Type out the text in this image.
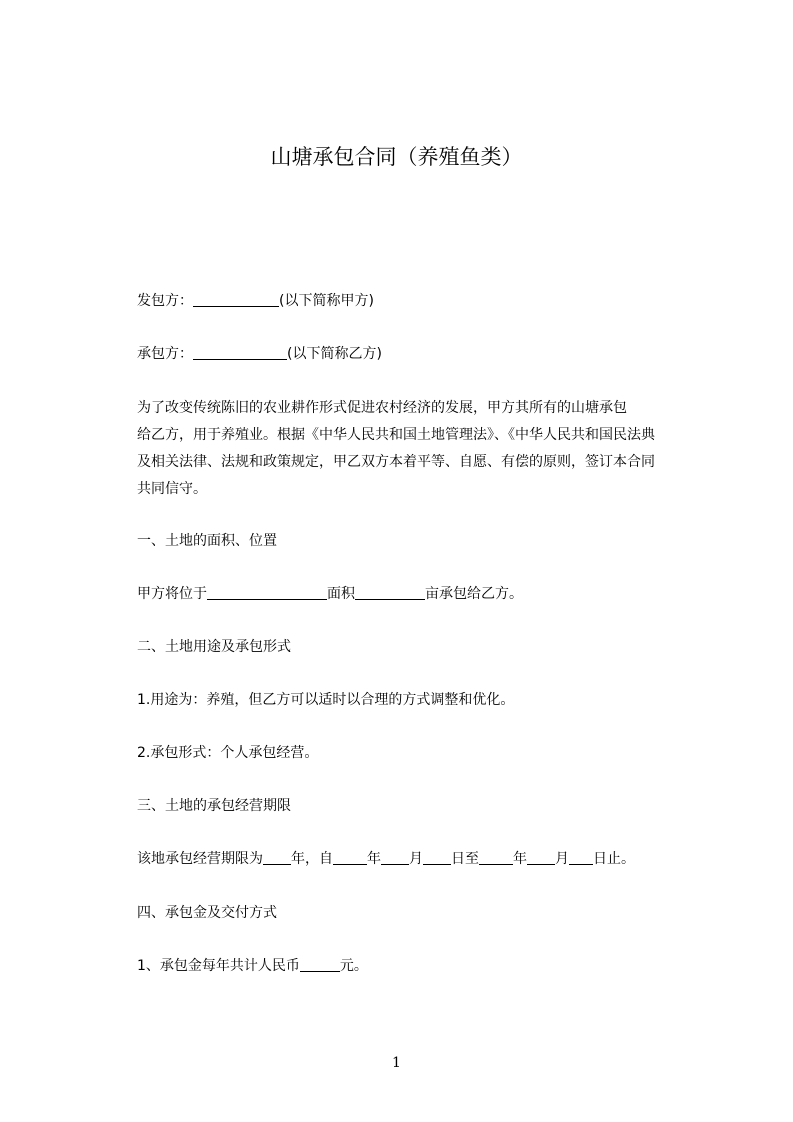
山塘承包合同（养殖鱼类）
发包方：	(以下简称甲方)
承包方：	(以下简称乙方)
为了改变传统陈旧的农业耕作形式促进农村经济的发展，甲方其所有的山塘承包
给乙方，用于养殖业。根据《中华人民共和国土地管理法》、《中华人民共和国民法典
及相关法律、法规和政策规定，甲乙双方本着平等、自愿、有偿的原则，签订本合同
共同信守。
一、土地的面积、位置
甲方将位于	面积	亩承包给乙方。
二、土地用途及承包形式
1.用途为：养殖，但乙方可以适时以合理的方式调整和优化。
2.承包形式：个人承包经营。
三、土地的承包经营期限
该地承包经营期限为 年，自 年 月 日至 年 月 日止。
四、承包金及交付方式
1、承包金每年共计人民币	元。
1
